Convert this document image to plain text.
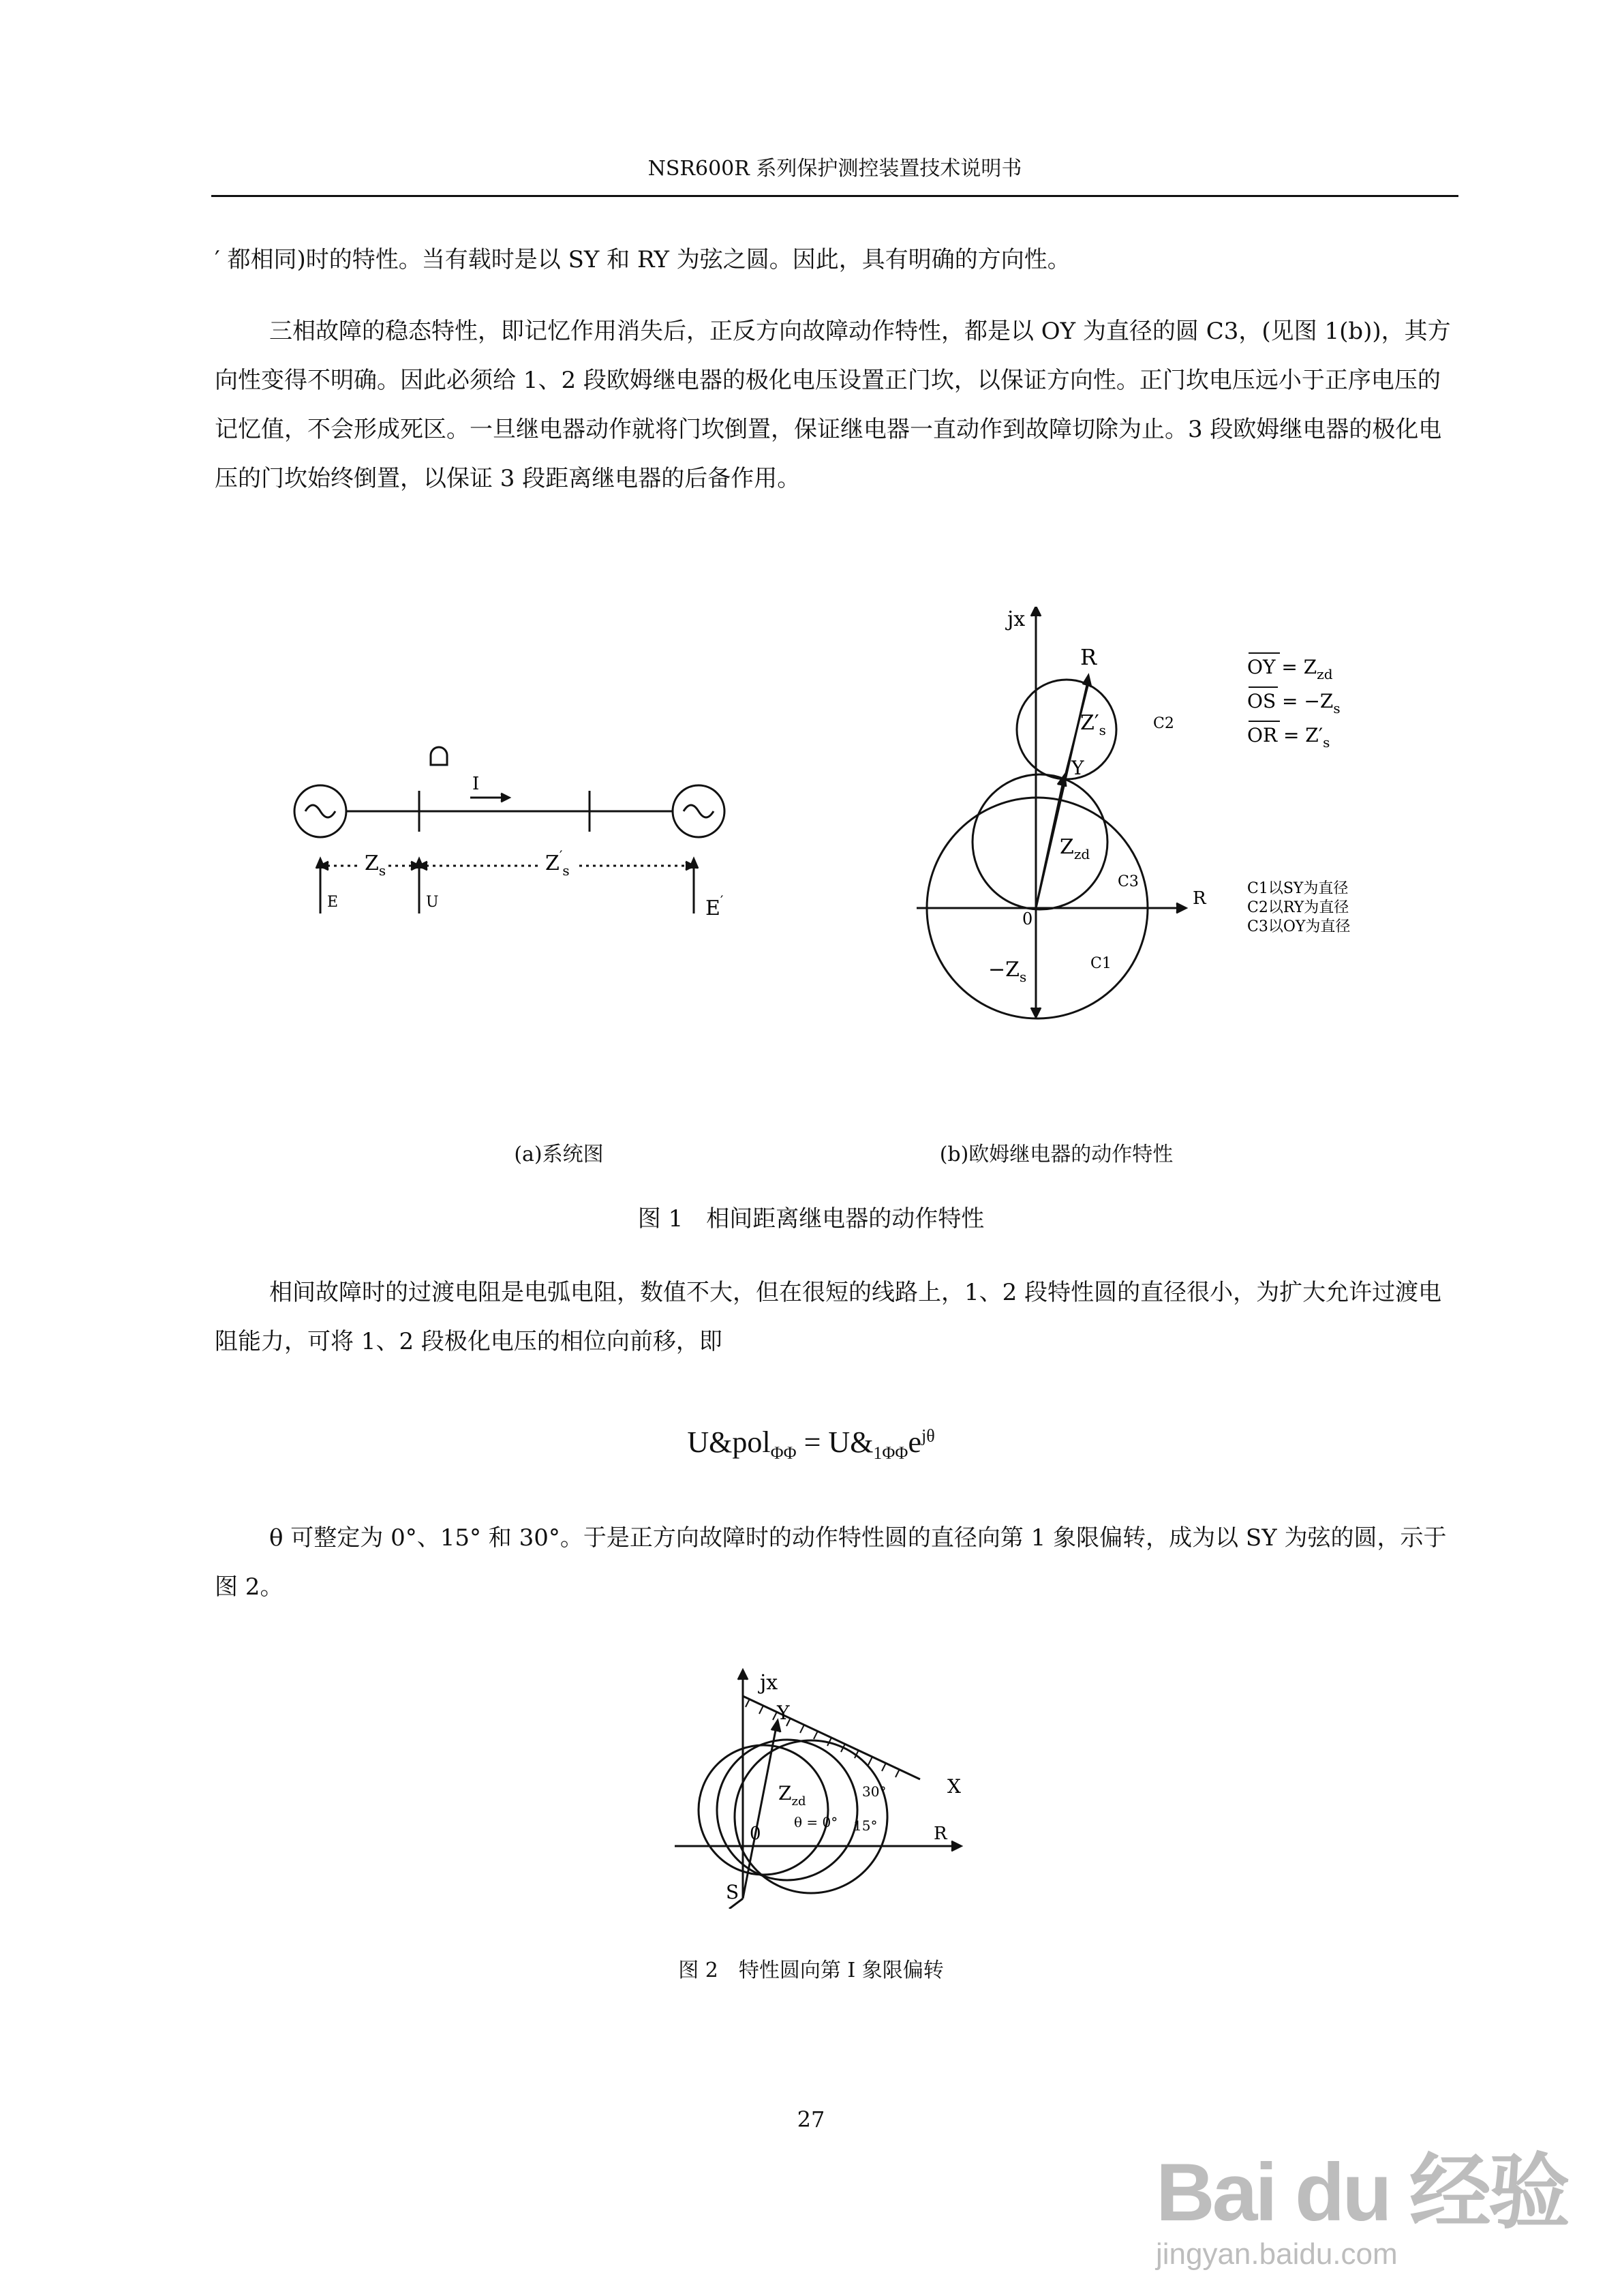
NSR600R 系列保护测控装置技术说明书
′ 都相同)时的特性。当有载时是以 SY 和 RY 为弦之圆。因此，具有明确的方向性。
三相故障的稳态特性，即记忆作用消失后，正反方向故障动作特性，都是以 OY 为直径的圆 C3，(见图 1(b))，其方向性变得不明确。因此必须给 1、2 段欧姆继电器的极化电压设置正门坎，以保证方向性。正门坎电压远小于正序电压的记忆值，不会形成死区。一旦继电器动作就将门坎倒置，保证继电器一直动作到故障切除为止。3 段欧姆继电器的极化电压的门坎始终倒置，以保证 3 段距离继电器的后备作用。
I
$Z_s$	$Z'_s$
E	U	E′
jx
R
R
Y
0
$Z'_s$
$Z_{zd}$
$-Z_s$
C1
C2
C3
OY = $Z_{zd}$
OS = $-Z_s$
OR = $Z'_s$
C1以SY为直径
C2以RY为直径
C3以OY为直径
(a)系统图	(b)欧姆继电器的动作特性
图 1　相间距离继电器的动作特性
相间故障时的过渡电阻是电弧电阻，数值不大，但在很短的线路上，1、2 段特性圆的直径很小，为扩大允许过渡电阻能力，可将 1、2 段极化电压的相位向前移，即
U&pol$_{\Phi\Phi}$ = $U\&_{1\Phi\Phi}e^{j\theta}$
θ 可整定为 0°、15° 和 30°。于是正方向故障时的动作特性圆的直径向第 1 象限偏转，成为以 SY 为弦的圆，示于图 2。
jx
R
Y
X
S
0
$Z_{zd}$
θ = 0°
30°
15°
图 2　特性圆向第 I 象限偏转
27
Bai du 经验
jingyan.baidu.com
